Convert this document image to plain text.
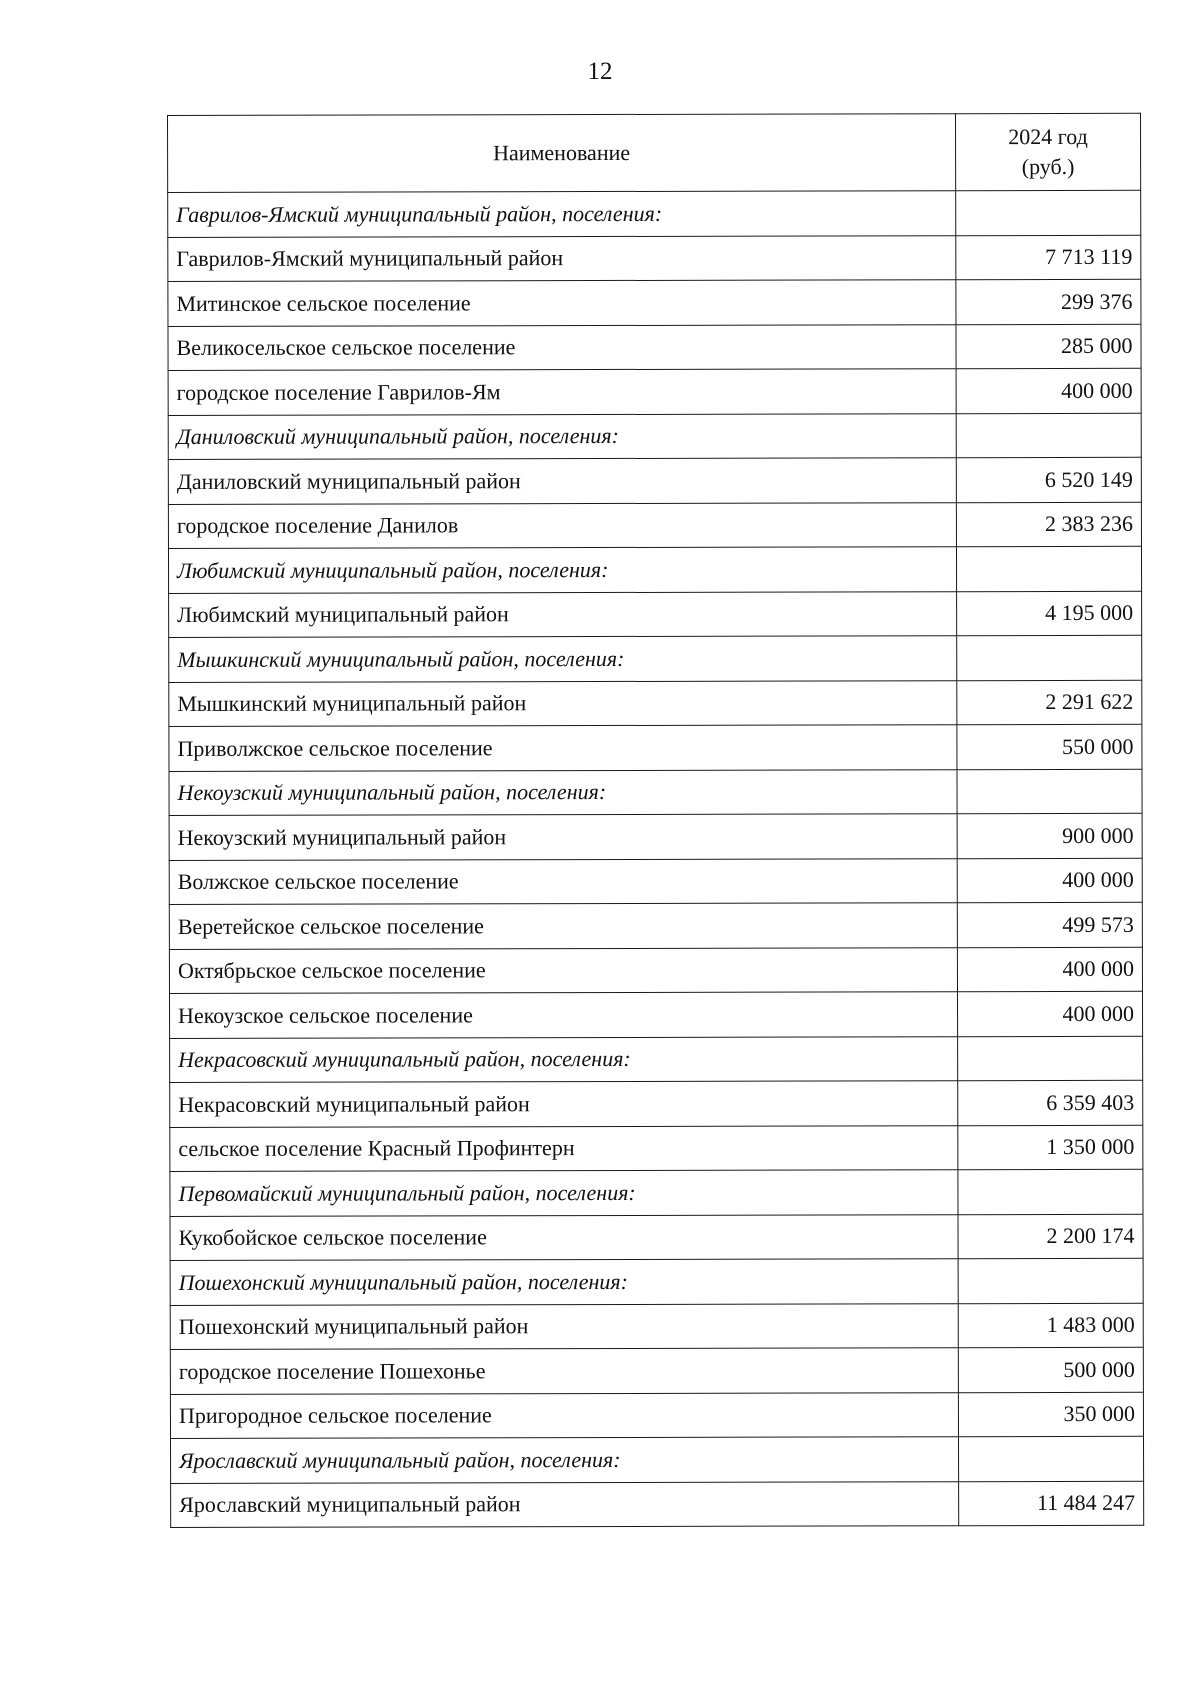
12
Наименование	2024 год
(руб.)
Гаврилов-Ямский муниципальный район, поселения:	
Гаврилов-Ямский муниципальный район	7 713 119
Митинское сельское поселение	299 376
Великосельское сельское поселение	285 000
городское поселение Гаврилов-Ям	400 000
Даниловский муниципальный район, поселения:	
Даниловский муниципальный район	6 520 149
городское поселение Данилов	2 383 236
Любимский муниципальный район, поселения:	
Любимский муниципальный район	4 195 000
Мышкинский муниципальный район, поселения:	
Мышкинский муниципальный район	2 291 622
Приволжское сельское поселение	550 000
Некоузский муниципальный район, поселения:	
Некоузский муниципальный район	900 000
Волжское сельское поселение	400 000
Веретейское сельское поселение	499 573
Октябрьское сельское поселение	400 000
Некоузское сельское поселение	400 000
Некрасовский муниципальный район, поселения:	
Некрасовский муниципальный район	6 359 403
сельское поселение Красный Профинтерн	1 350 000
Первомайский муниципальный район, поселения:	
Кукобойское сельское поселение	2 200 174
Пошехонский муниципальный район, поселения:	
Пошехонский муниципальный район	1 483 000
городское поселение Пошехонье	500 000
Пригородное сельское поселение	350 000
Ярославский муниципальный район, поселения:	
Ярославский муниципальный район	11 484 247
